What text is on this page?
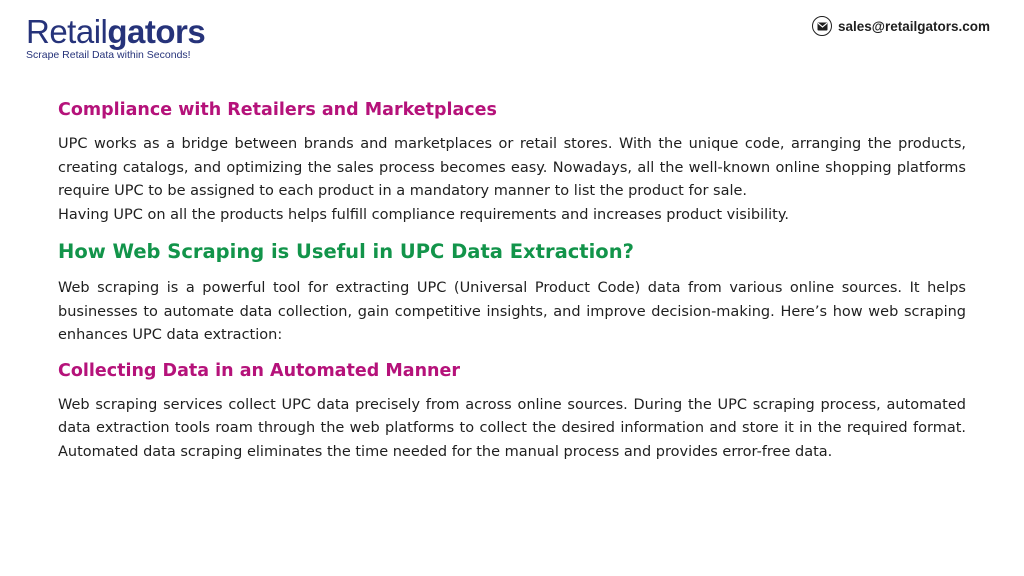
Retailgators
Scrape Retail Data within Seconds!
sales@retailgators.com
Compliance with Retailers and Marketplaces

UPC works as a bridge between brands and marketplaces or retail stores. With the unique code, arranging the products, creating catalogs, and optimizing the sales process becomes easy. Nowadays, all the well-known online shopping platforms require UPC to be assigned to each product in a mandatory manner to list the product for sale.

Having UPC on all the products helps fulfill compliance requirements and increases product visibility.

How Web Scraping is Useful in UPC Data Extraction?

Web scraping is a powerful tool for extracting UPC (Universal Product Code) data from various online sources. It helps businesses to automate data collection, gain competitive insights, and improve decision-making. Here’s how web scraping enhances UPC data extraction:

Collecting Data in an Automated Manner

Web scraping services collect UPC data precisely from across online sources. During the UPC scraping process, automated data extraction tools roam through the web platforms to collect the desired information and store it in the required format. Automated data scraping eliminates the time needed for the manual process and provides error-free data.
